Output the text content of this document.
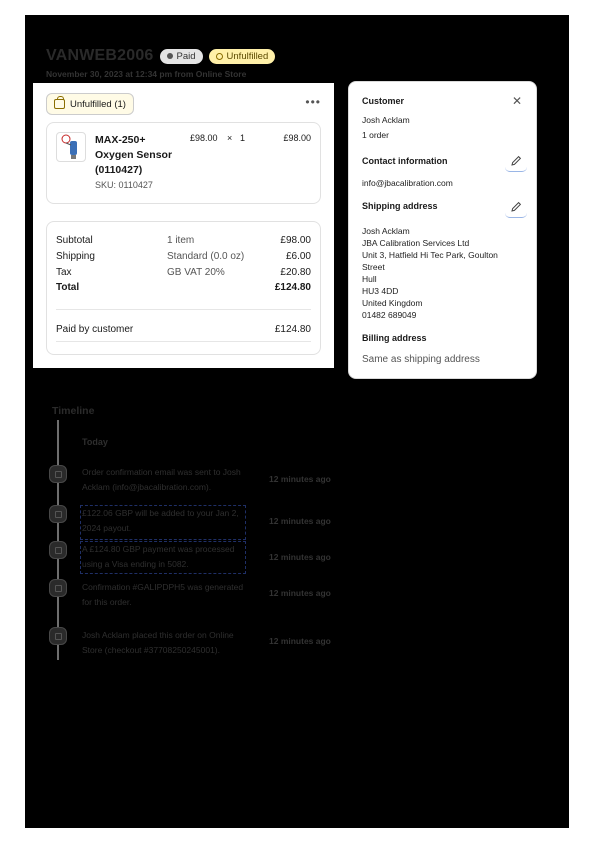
VANWEB2006 Paid	Unfulfilled
November 30, 2023 at 12:34 pm from Online Store
Unfulfilled (1)	•••
MAX-250+ Oxygen Sensor (0110427)
SKU: 0110427
£98.00 × 1	£98.00
Subtotal	1 item	£98.00
Shipping	Standard (0.0 oz)	£6.00
Tax	GB VAT 20%	£20.80
Total	£124.80
Paid by customer	£124.80
Customer	✕
Josh Acklam
1 order
Contact information
info@jbacalibration.com
Shipping address
Josh Acklam
JBA Calibration Services Ltd
Unit 3, Hatfield Hi Tec Park, Goulton
Street
Hull
HU3 4DD
United Kingdom
01482 689049
Billing address
Same as shipping address
Timeline
Today
Order confirmation email was sent to Josh Acklam (info@jbacalibration.com).
12 minutes ago
£122.06 GBP will be added to your Jan 2, 2024 payout.
12 minutes ago
A £124.80 GBP payment was processed using a Visa ending in 5082.
12 minutes ago
Confirmation #GALIPDPH5 was generated for this order.
12 minutes ago
Josh Acklam placed this order on Online Store (checkout #37708250245001).
12 minutes ago
